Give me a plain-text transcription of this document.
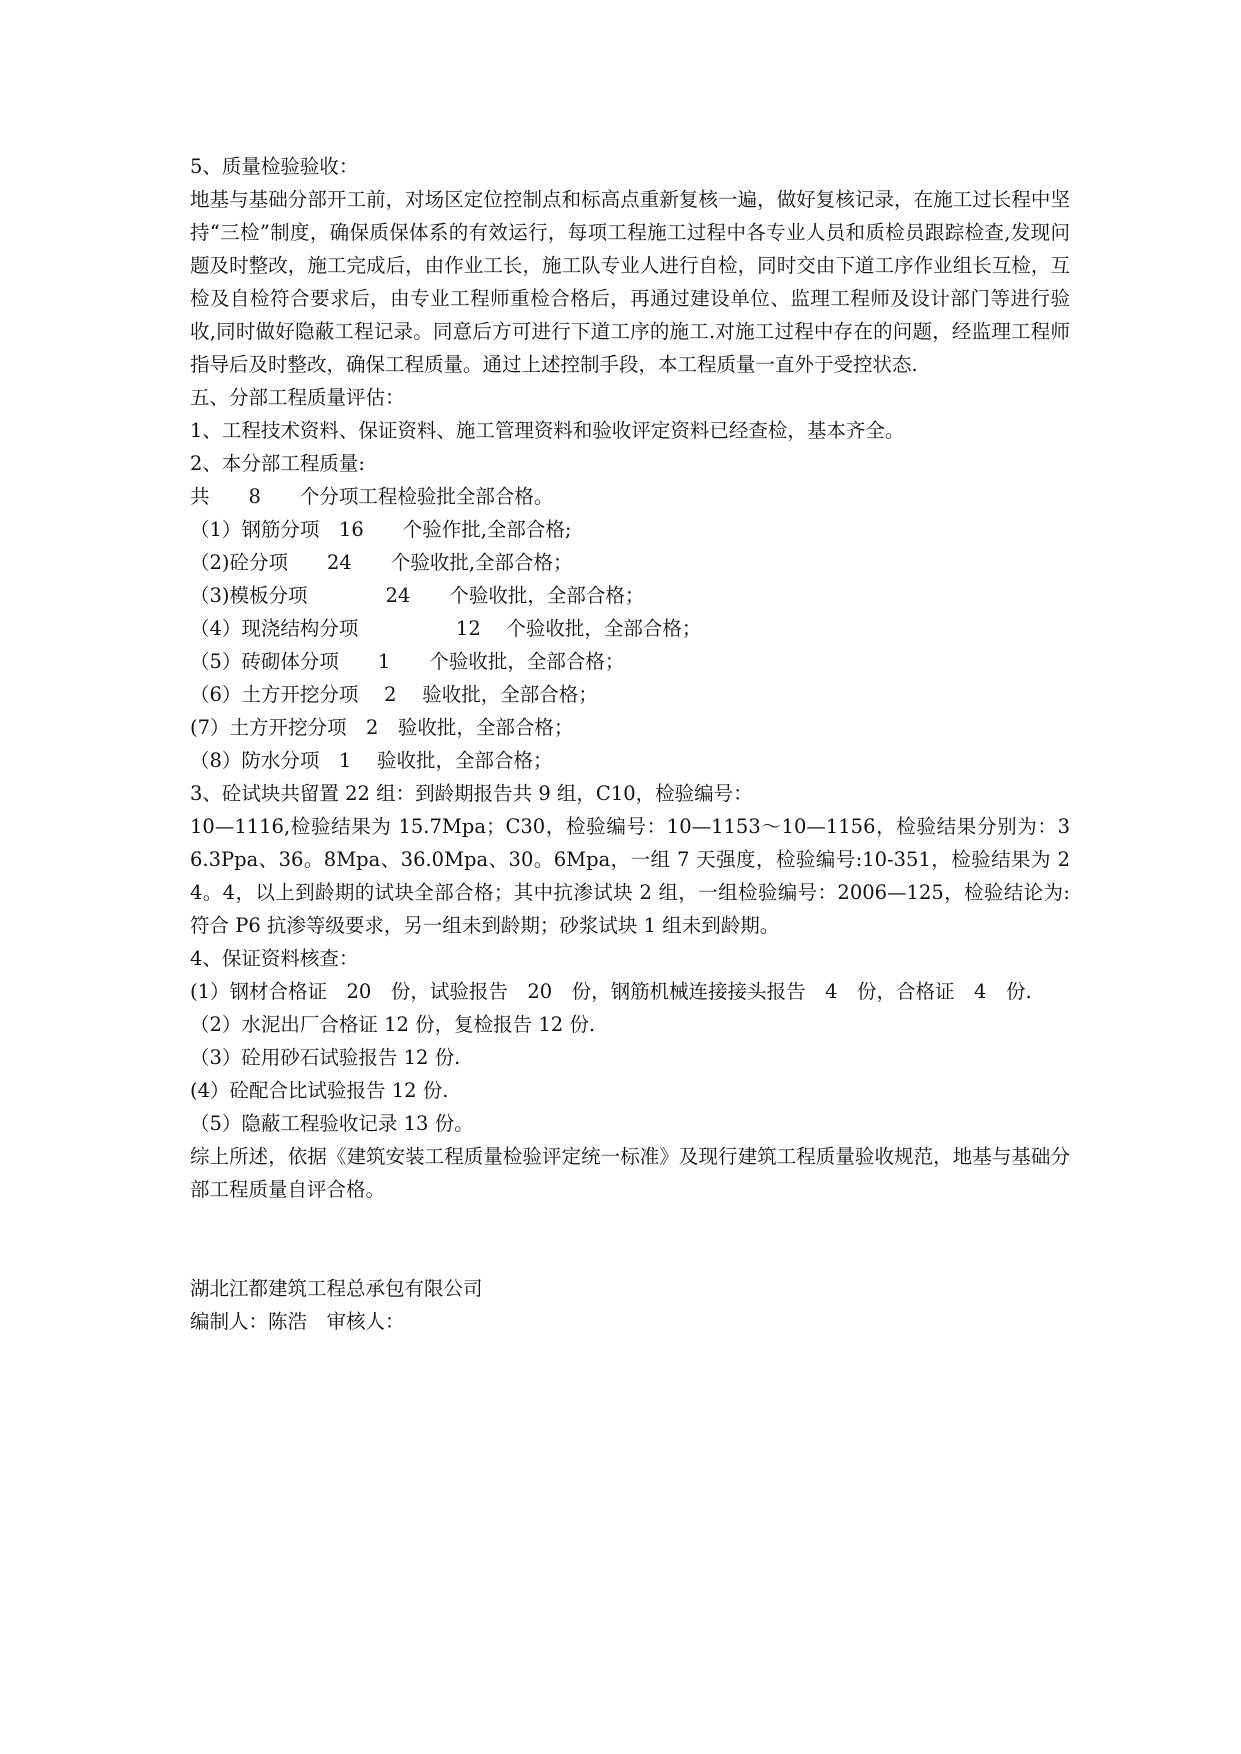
5、质量检验验收：
地基与基础分部开工前，对场区定位控制点和标高点重新复核一遍，做好复核记录，在施工过长程中坚持“三检”制度，确保质保体系的有效运行，每项工程施工过程中各专业人员和质检员跟踪检查,发现问题及时整改，施工完成后，由作业工长，施工队专业人进行自检，同时交由下道工序作业组长互检，互检及自检符合要求后，由专业工程师重检合格后，再通过建设单位、监理工程师及设计部门等进行验收,同时做好隐蔽工程记录。同意后方可进行下道工序的施工.对施工过程中存在的问题，经监理工程师指导后及时整改，确保工程质量。通过上述控制手段，本工程质量一直外于受控状态.
五、分部工程质量评估：
1、工程技术资料、保证资料、施工管理资料和验收评定资料已经查检，基本齐全。
2、本分部工程质量:
共　　8　　个分项工程检验批全部合格。
（1）钢筋分项　16　　个验作批,全部合格;
（2)砼分项　　24　　个验收批,全部合格；
（3)模板分项　　　　24　　个验收批，全部合格；
（4）现浇结构分项　　　　　12　 个验收批，全部合格；
（5）砖砌体分项　　1　　个验收批，全部合格；
（6）土方开挖分项　 2　 验收批，全部合格；
(7）土方开挖分项　2　验收批，全部合格；
（8）防水分项　1　 验收批，全部合格；
3、砼试块共留置 22 组：到龄期报告共 9 组，C10，检验编号：
10—1116,检验结果为 15.7Mpa；C30，检验编号：10—1153～10—1156，检验结果分别为：36.3Ppa、36。8Mpa、36.0Mpa、30。6Mpa，一组 7 天强度，检验编号:10-351，检验结果为 24。4，以上到龄期的试块全部合格；其中抗渗试块 2 组，一组检验编号：2006—125，检验结论为:符合 P6 抗渗等级要求，另一组未到龄期；砂浆试块 1 组未到龄期。
4、保证资料核查：
(1）钢材合格证　20　份，试验报告　20　份，钢筋机械连接接头报告　4　份，合格证　4　份.
（2）水泥出厂合格证 12 份，复检报告 12 份.
（3）砼用砂石试验报告 12 份.
(4）砼配合比试验报告 12 份.
（5）隐蔽工程验收记录 13 份。
综上所述，依据《建筑安装工程质量检验评定统一标准》及现行建筑工程质量验收规范，地基与基础分部工程质量自评合格。
湖北江都建筑工程总承包有限公司
编制人：陈浩　审核人：
